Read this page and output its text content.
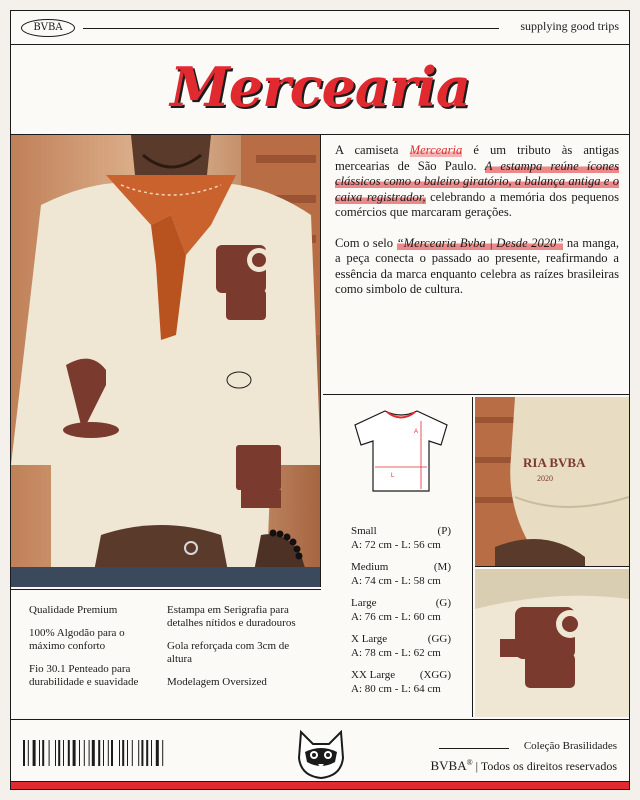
BVBA	supplying good trips
Mercearia

A camiseta Mercearia é um tributo às antigas mercearias de São Paulo. A estampa reúne ícones clássicos como o baleiro giratório, a balança antiga e o caixa registrador, celebrando a memória dos pequenos comércios que marcaram gerações.

Com o selo “Mercearia Bvba | Desde 2020” na manga, a peça conecta o passado ao presente, reafirmando a essência da marca enquanto celebra as raízes brasileiras como simbolo de cultura.

A
L
Small	(P)
A: 72 cm - L: 56 cm
Medium	(M)
A: 74 cm - L: 58 cm
Large	(G)
A: 76 cm - L: 60 cm
X Large	(GG)
A: 78 cm - L: 62 cm
XX Large (XGG)
A: 80 cm - L: 64 cm
RIA BVBA
2020
Qualidade Premium
100% Algodão para o máximo conforto
Fio 30.1 Penteado para durabilidade e suavidade
Estampa em Serigrafia para detalhes nítidos e duradouros
Gola reforçada com 3cm de altura
Modelagem Oversized
Coleção Brasilidades
BVBA® | Todos os direitos reservados
